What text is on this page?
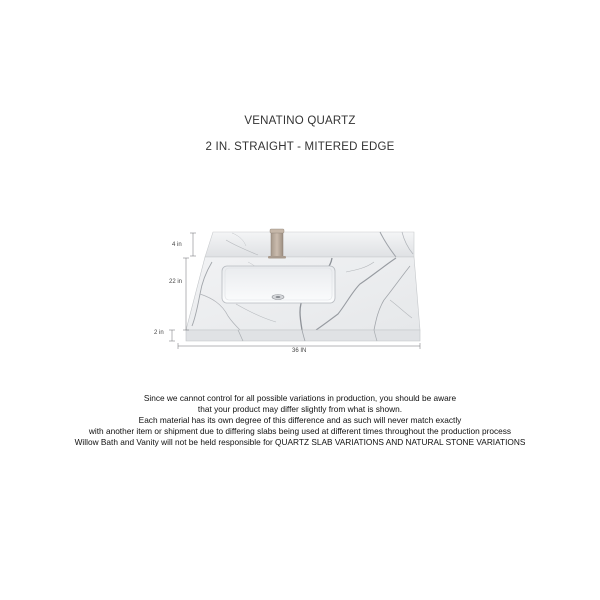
VENATINO QUARTZ
2 IN. STRAIGHT - MITERED EDGE
4 in
22 in
2 in
36 IN
Since we cannot control for all possible variations in production, you should be aware
that your product may differ slightly from what is shown.
Each material has its own degree of this difference and as such will never match exactly
with another item or shipment due to differing slabs being used at different times throughout the production process
Willow Bath and Vanity will not be held responsible for QUARTZ SLAB VARIATIONS AND NATURAL STONE VARIATIONS
